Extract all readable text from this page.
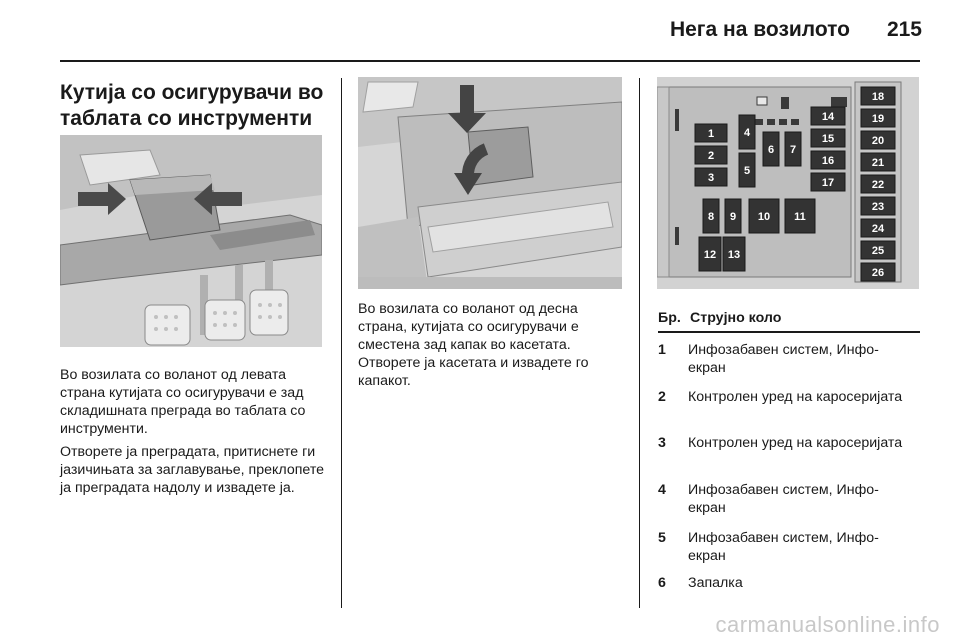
Нега на возилото 215
Кутија со осигурувачи во таблата со инструменти

Во возилата со воланот од левата страна кутијата со осигурувачи е зад складишната преграда во таблата со инструменти.

Отворете ја преградата, притиснете ги јазичињата за заглавување, преклопете ја преградата надолу и извадете ја.

Во возилата со воланот од десна страна, кутијата со осигурувачи е сместена зад капак во касетата. Отворете ја касетата и извадете го капакот.

1
2
3
4
5
6 7
8 9 10 11
12 13
14
15
16
17
18
19
20
21
22
23
24
25
26
Бр. Струјно коло
1 Инфозабавен систем, Инфо-екран
2 Контролен уред на каросеријата
3 Контролен уред на каросеријата
4 Инфозабавен систем, Инфо-екран
5 Инфозабавен систем, Инфо-екран
6 Запалка
carmanualsonline.info
